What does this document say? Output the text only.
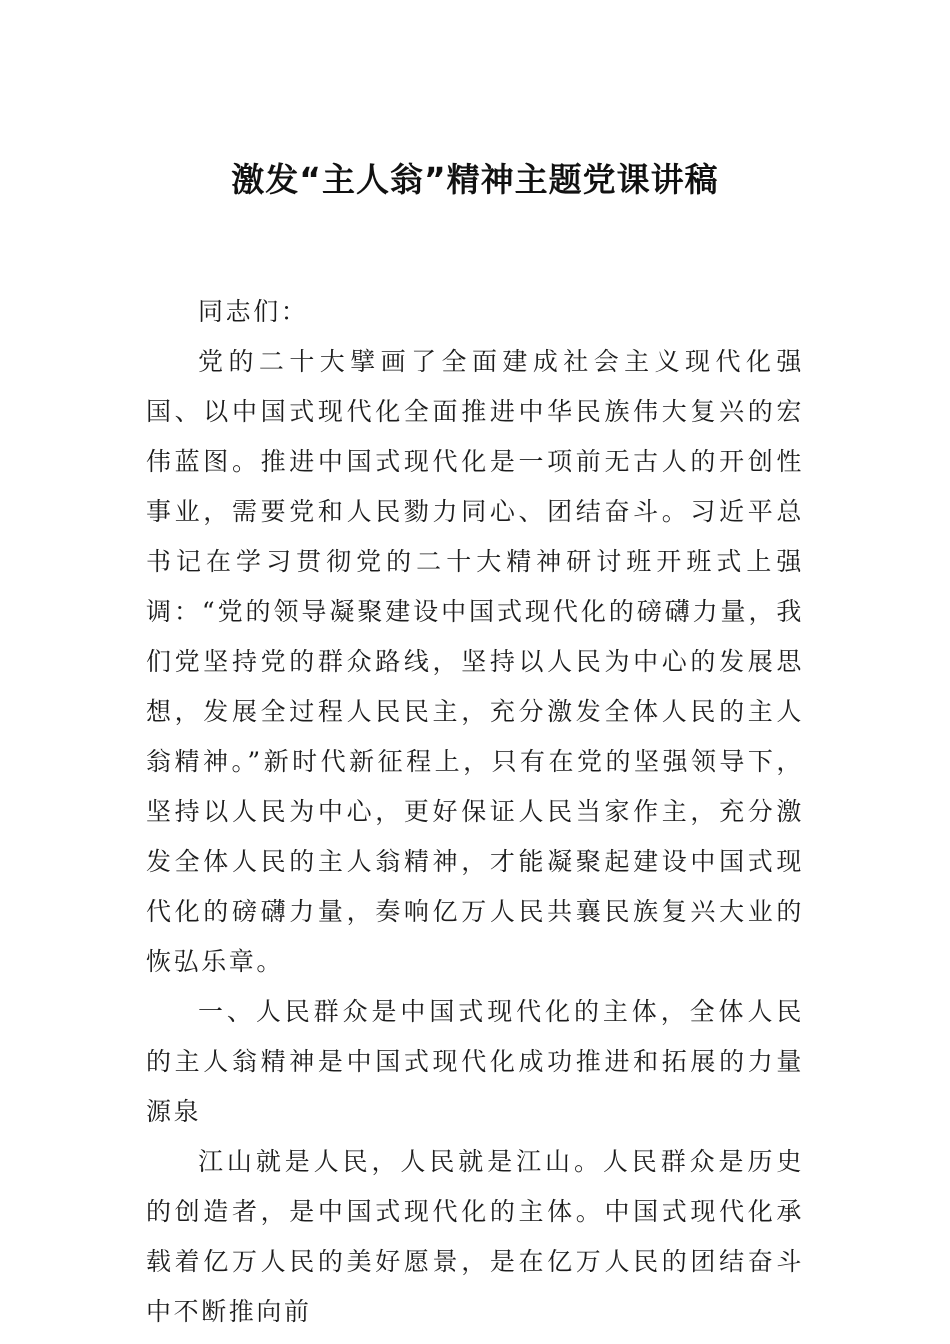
激发“主人翁”精神主题党课讲稿

同志们：

党的二十大擘画了全面建成社会主义现代化强国、以中国式现代化全面推进中华民族伟大复兴的宏伟蓝图。推进中国式现代化是一项前无古人的开创性事业，需要党和人民勠力同心、团结奋斗。习近平总书记在学习贯彻党的二十大精神研讨班开班式上强调：“党的领导凝聚建设中国式现代化的磅礴力量，我们党坚持党的群众路线，坚持以人民为中心的发展思想，发展全过程人民民主，充分激发全体人民的主人翁精神。”新时代新征程上，只有在党的坚强领导下，坚持以人民为中心，更好保证人民当家作主，充分激发全体人民的主人翁精神，才能凝聚起建设中国式现代化的磅礴力量，奏响亿万人民共襄民族复兴大业的恢弘乐章。

一、人民群众是中国式现代化的主体，全体人民的主人翁精神是中国式现代化成功推进和拓展的力量源泉

江山就是人民，人民就是江山。人民群众是历史的创造者，是中国式现代化的主体。中国式现代化承载着亿万人民的美好愿景，是在亿万人民的团结奋斗中不断推向前
